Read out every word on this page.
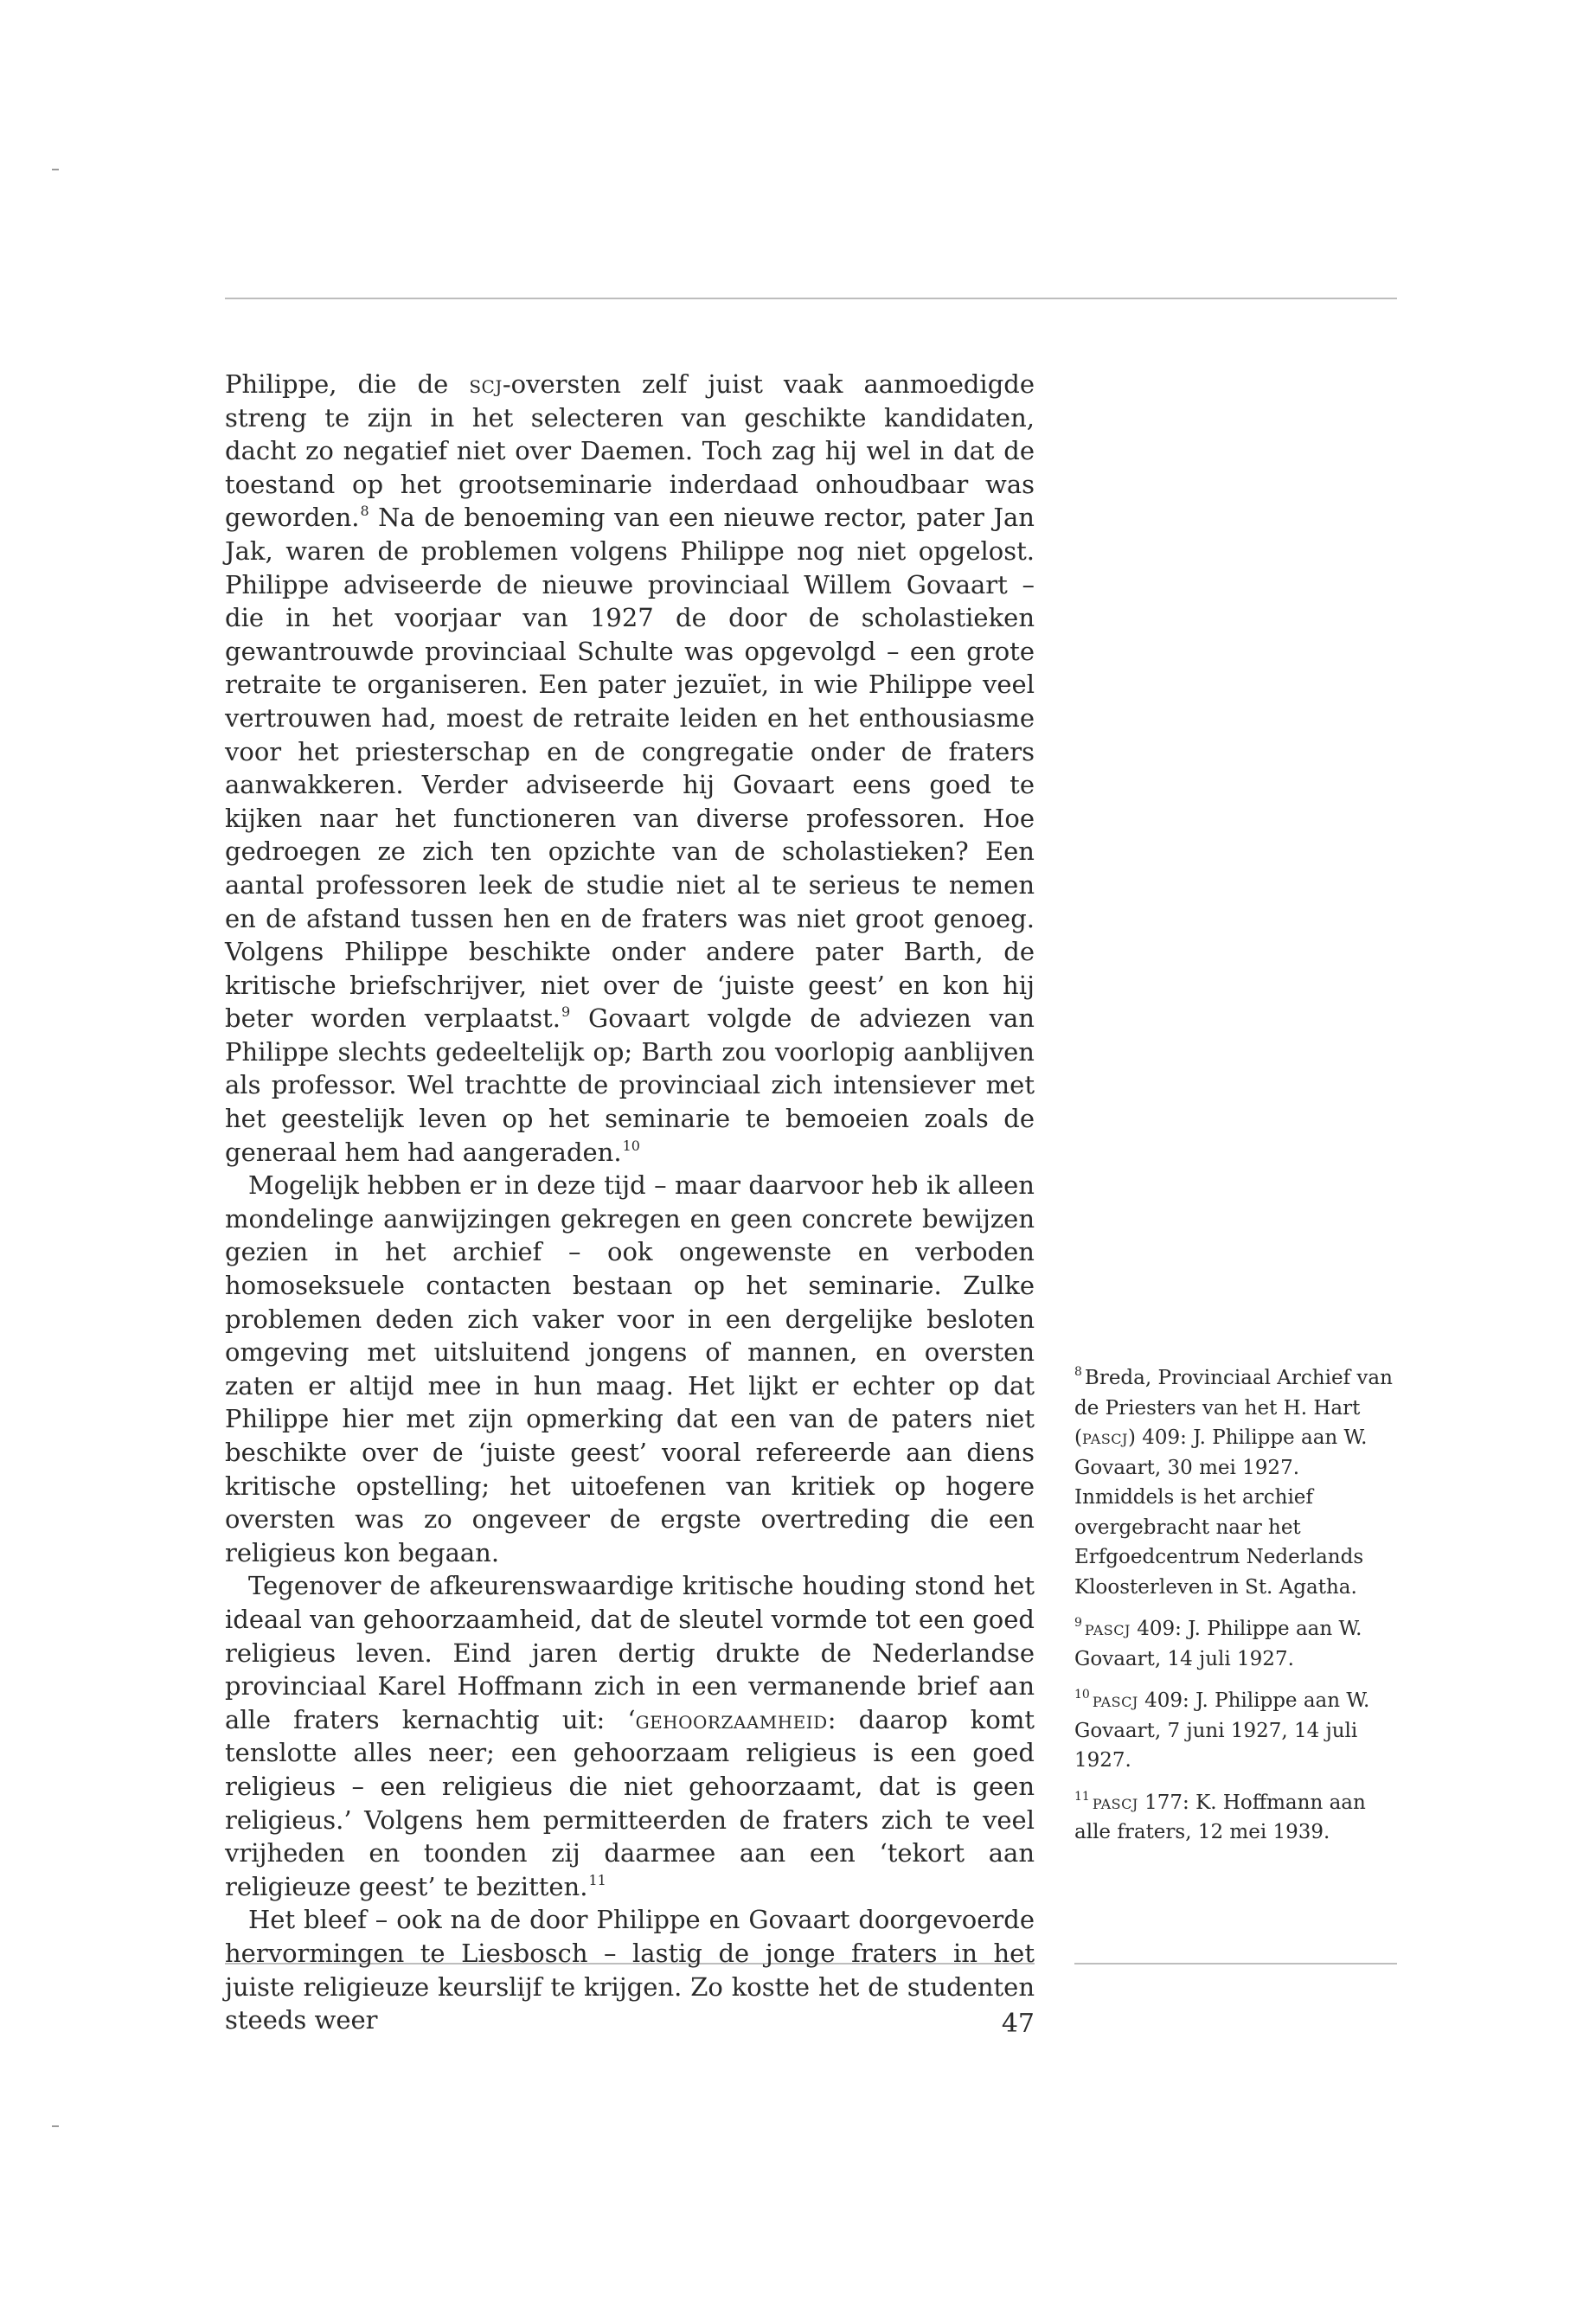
Philippe, die de scj-oversten zelf juist vaak aanmoedigde streng te zijn in het selecteren van geschikte kandidaten, dacht zo negatief niet over Daemen. Toch zag hij wel in dat de toestand op het grootseminarie inderdaad onhoudbaar was geworden.$^8$ Na de benoeming van een nieuwe rector, pater Jan Jak, waren de problemen volgens Philippe nog niet opgelost. Philippe adviseerde de nieuwe provinciaal Willem Govaart – die in het voorjaar van 1927 de door de scholastieken gewantrouwde provinciaal Schulte was opgevolgd – een grote retraite te organiseren. Een pater jezuïet, in wie Philippe veel vertrouwen had, moest de retraite leiden en het enthousiasme voor het priesterschap en de congregatie onder de fraters aanwakkeren. Verder adviseerde hij Govaart eens goed te kijken naar het functioneren van diverse professoren. Hoe gedroegen ze zich ten opzichte van de scholastieken? Een aantal professoren leek de studie niet al te serieus te nemen en de afstand tussen hen en de fraters was niet groot genoeg. Volgens Philippe beschikte onder andere pater Barth, de kritische briefschrijver, niet over de ‘juiste geest’ en kon hij beter worden verplaatst.$^9$ Govaart volgde de adviezen van Philippe slechts gedeeltelijk op; Barth zou voorlopig aanblijven als professor. Wel trachtte de provinciaal zich intensiever met het geestelijk leven op het seminarie te bemoeien zoals de generaal hem had aangeraden.$^{10}$

Mogelijk hebben er in deze tijd – maar daarvoor heb ik alleen mondelinge aanwijzingen gekregen en geen concrete bewijzen gezien in het archief – ook ongewenste en verboden homoseksuele contacten bestaan op het seminarie. Zulke problemen deden zich vaker voor in een dergelijke besloten omgeving met uitsluitend jongens of mannen, en oversten zaten er altijd mee in hun maag. Het lijkt er echter op dat Philippe hier met zijn opmerking dat een van de paters niet beschikte over de ‘juiste geest’ vooral refereerde aan diens kritische opstelling; het uitoefenen van kritiek op hogere oversten was zo ongeveer de ergste overtreding die een religieus kon begaan.

Tegenover de afkeurenswaardige kritische houding stond het ideaal van gehoorzaamheid, dat de sleutel vormde tot een goed religieus leven. Eind jaren dertig drukte de Nederlandse provinciaal Karel Hoffmann zich in een vermanende brief aan alle fraters kernachtig uit: ‘gehoorzaamheid: daarop komt tenslotte alles neer; een gehoorzaam religieus is een goed religieus – een religieus die niet gehoorzaamt, dat is geen religieus.’ Volgens hem permitteerden de fraters zich te veel vrijheden en toonden zij daarmee aan een ‘tekort aan religieuze geest’ te bezitten.$^{11}$

Het bleef – ook na de door Philippe en Govaart doorgevoerde hervormingen te Liesbosch – lastig de jonge fraters in het juiste religieuze keurslijf te krijgen. Zo kostte het de studenten steeds weer

$^8$ Breda, Provinciaal Archief van de Priesters van het H. Hart (pascj) 409: J. Philippe aan W. Govaart, 30 mei 1927. Inmiddels is het archief overgebracht naar het Erfgoedcentrum Nederlands Kloosterleven in St. Agatha.

$^9$ pascj 409: J. Philippe aan W. Govaart, 14 juli 1927.

$^{10}$ pascj 409: J. Philippe aan W. Govaart, 7 juni 1927, 14 juli 1927.

$^{11}$ pascj 177: K. Hoffmann aan alle fraters, 12 mei 1939.

47
